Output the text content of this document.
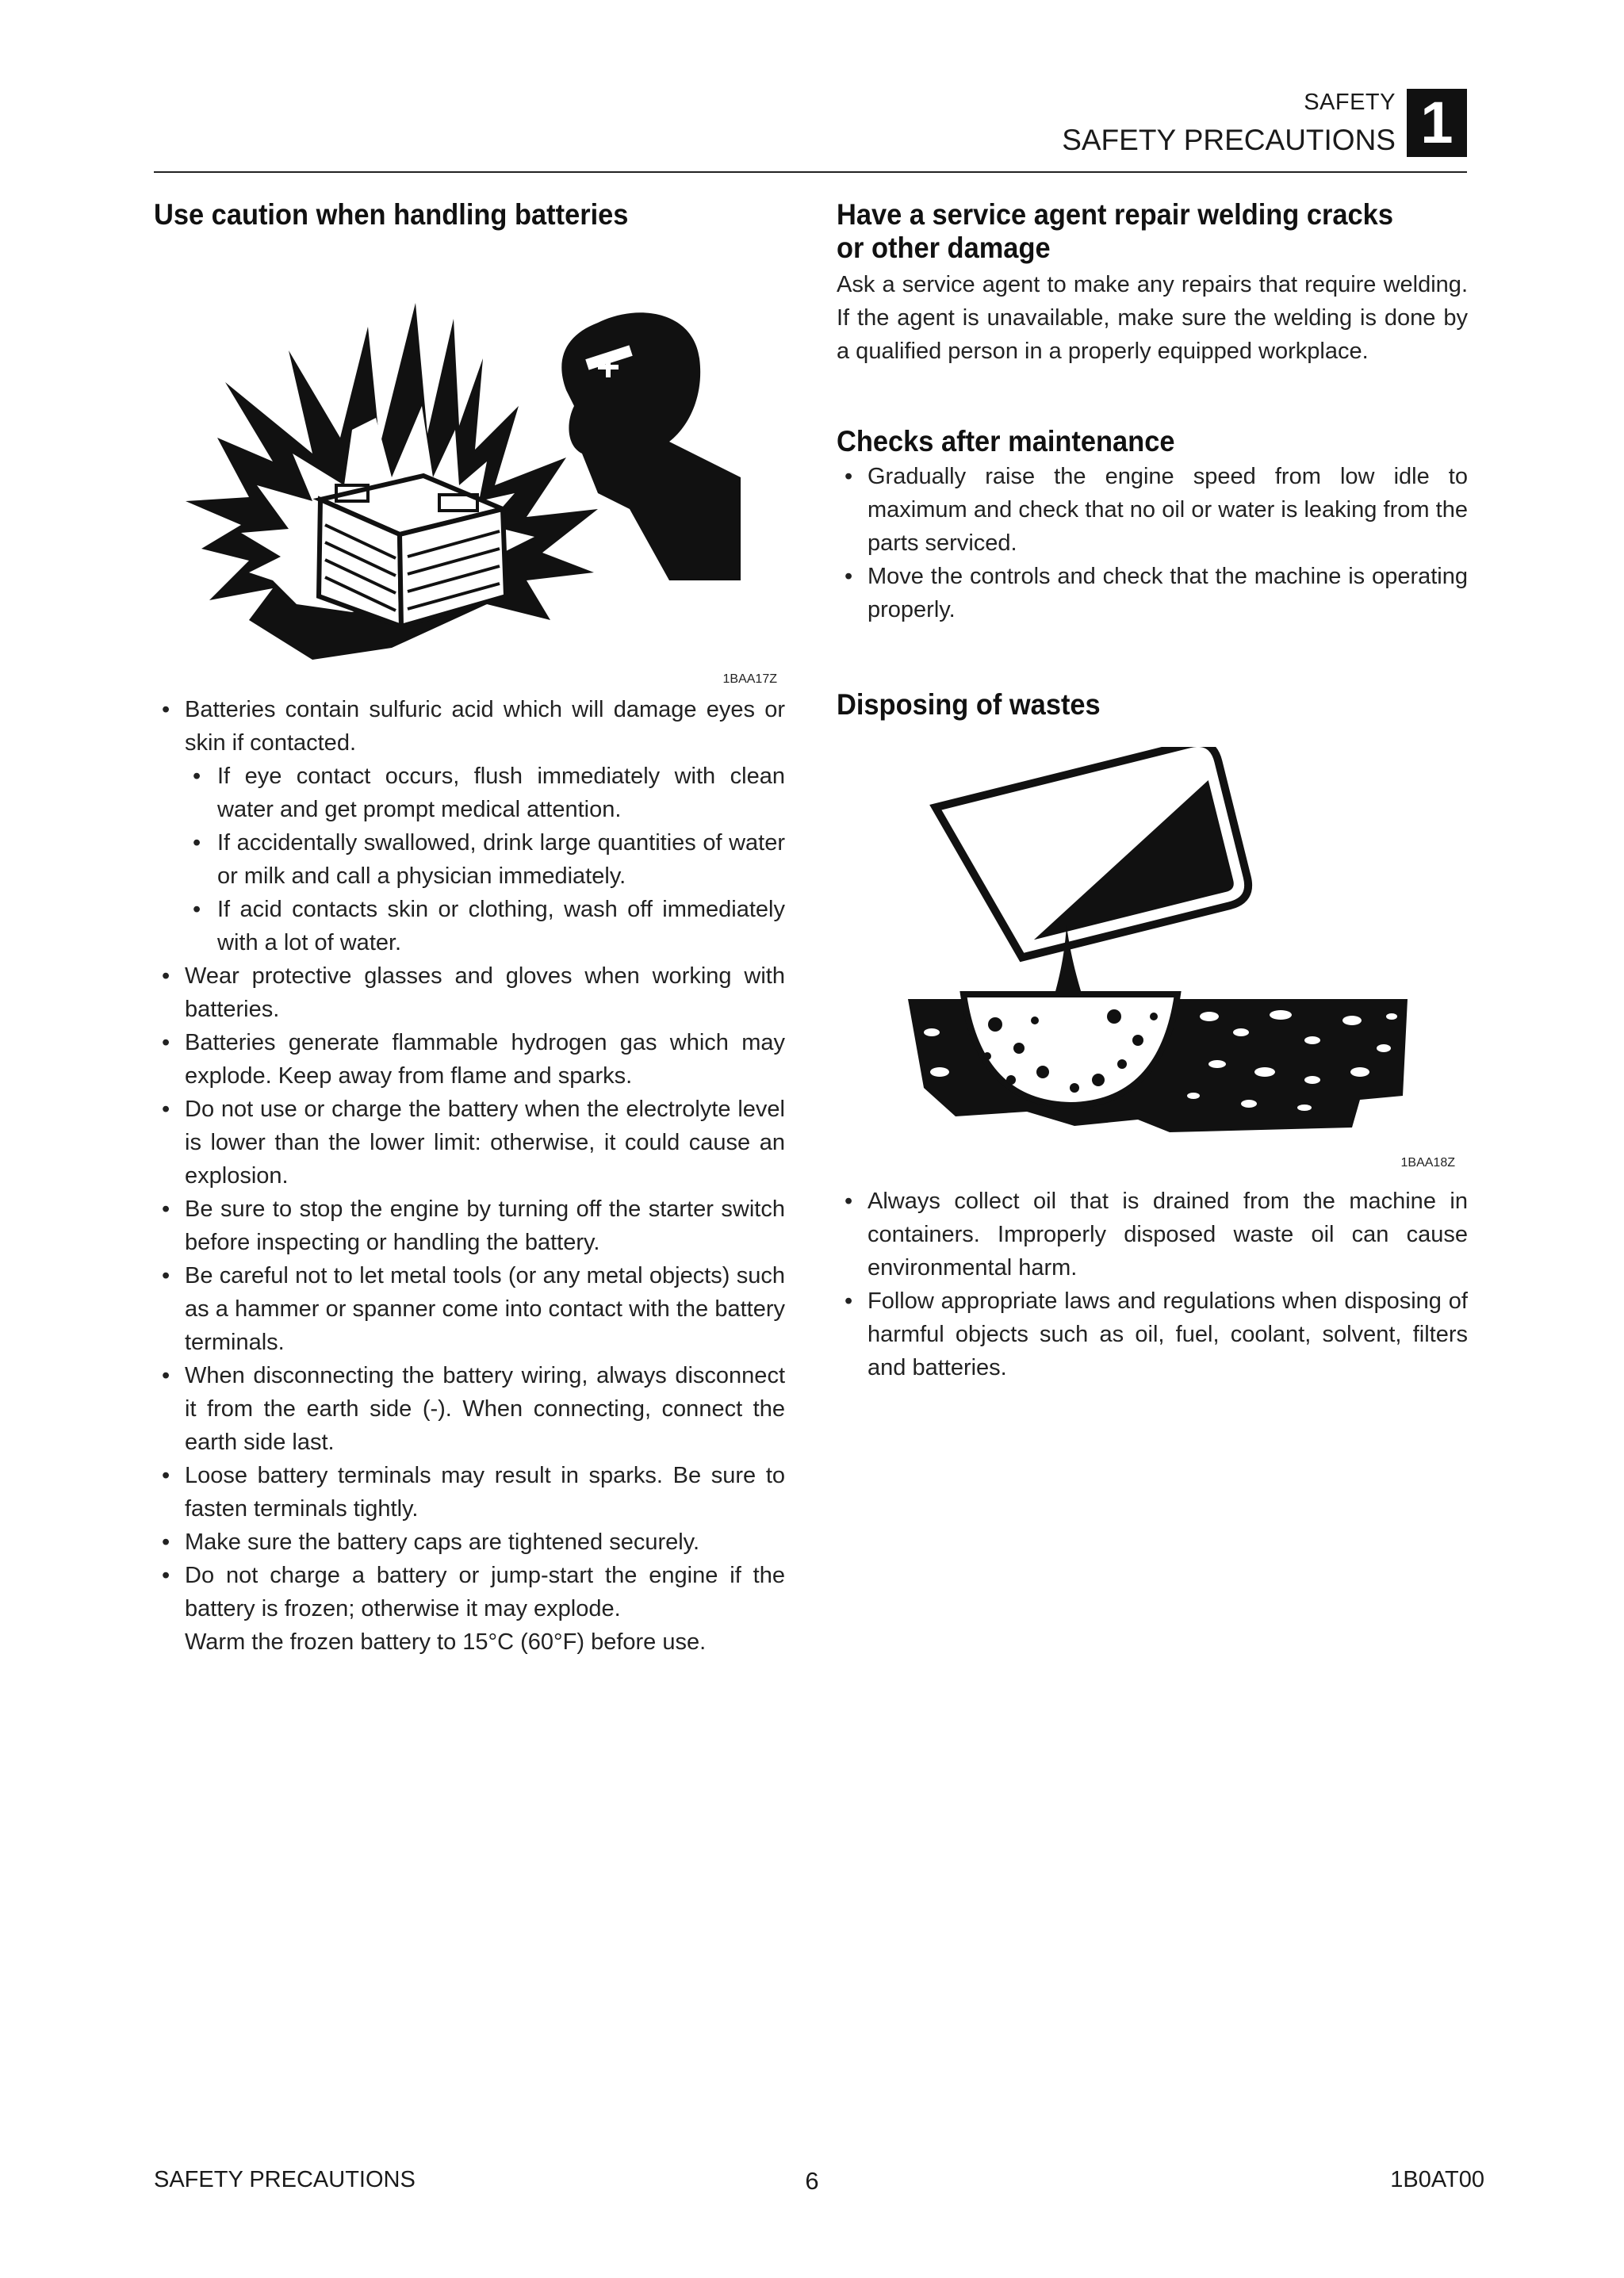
SAFETY
SAFETY PRECAUTIONS 1
Use caution when handling batteries
1BAA17Z
• Batteries contain sulfuric acid which will damage eyes or skin if contacted.
• If eye contact occurs, flush immediately with clean water and get prompt medical attention.
• If accidentally swallowed, drink large quantities of water or milk and call a physician immediately.
• If acid contacts skin or clothing, wash off immediately with a lot of water.
• Wear protective glasses and gloves when working with batteries.
• Batteries generate flammable hydrogen gas which may explode. Keep away from flame and sparks.
• Do not use or charge the battery when the electrolyte level is lower than the lower limit: otherwise, it could cause an explosion.
• Be sure to stop the engine by turning off the starter switch before inspecting or handling the battery.
• Be careful not to let metal tools (or any metal objects) such as a hammer or spanner come into contact with the battery terminals.
• When disconnecting the battery wiring, always disconnect it from the earth side (-). When connecting, connect the earth side last.
• Loose battery terminals may result in sparks. Be sure to fasten terminals tightly.
• Make sure the battery caps are tightened securely.
• Do not charge a battery or jump-start the engine if the battery is frozen; otherwise it may explode.
Warm the frozen battery to 15°C (60°F) before use.
Have a service agent repair welding cracks or other damage

Ask a service agent to make any repairs that require welding. If the agent is unavailable, make sure the welding is done by a qualified person in a properly equipped workplace.

Checks after maintenance
• Gradually raise the engine speed from low idle to maximum and check that no oil or water is leaking from the parts serviced.
• Move the controls and check that the machine is operating properly.
Disposing of wastes
1BAA18Z
• Always collect oil that is drained from the machine in containers. Improperly disposed waste oil can cause environmental harm.
• Follow appropriate laws and regulations when disposing of harmful objects such as oil, fuel, coolant, solvent, filters and batteries.
SAFETY PRECAUTIONS	6	1B0AT00
